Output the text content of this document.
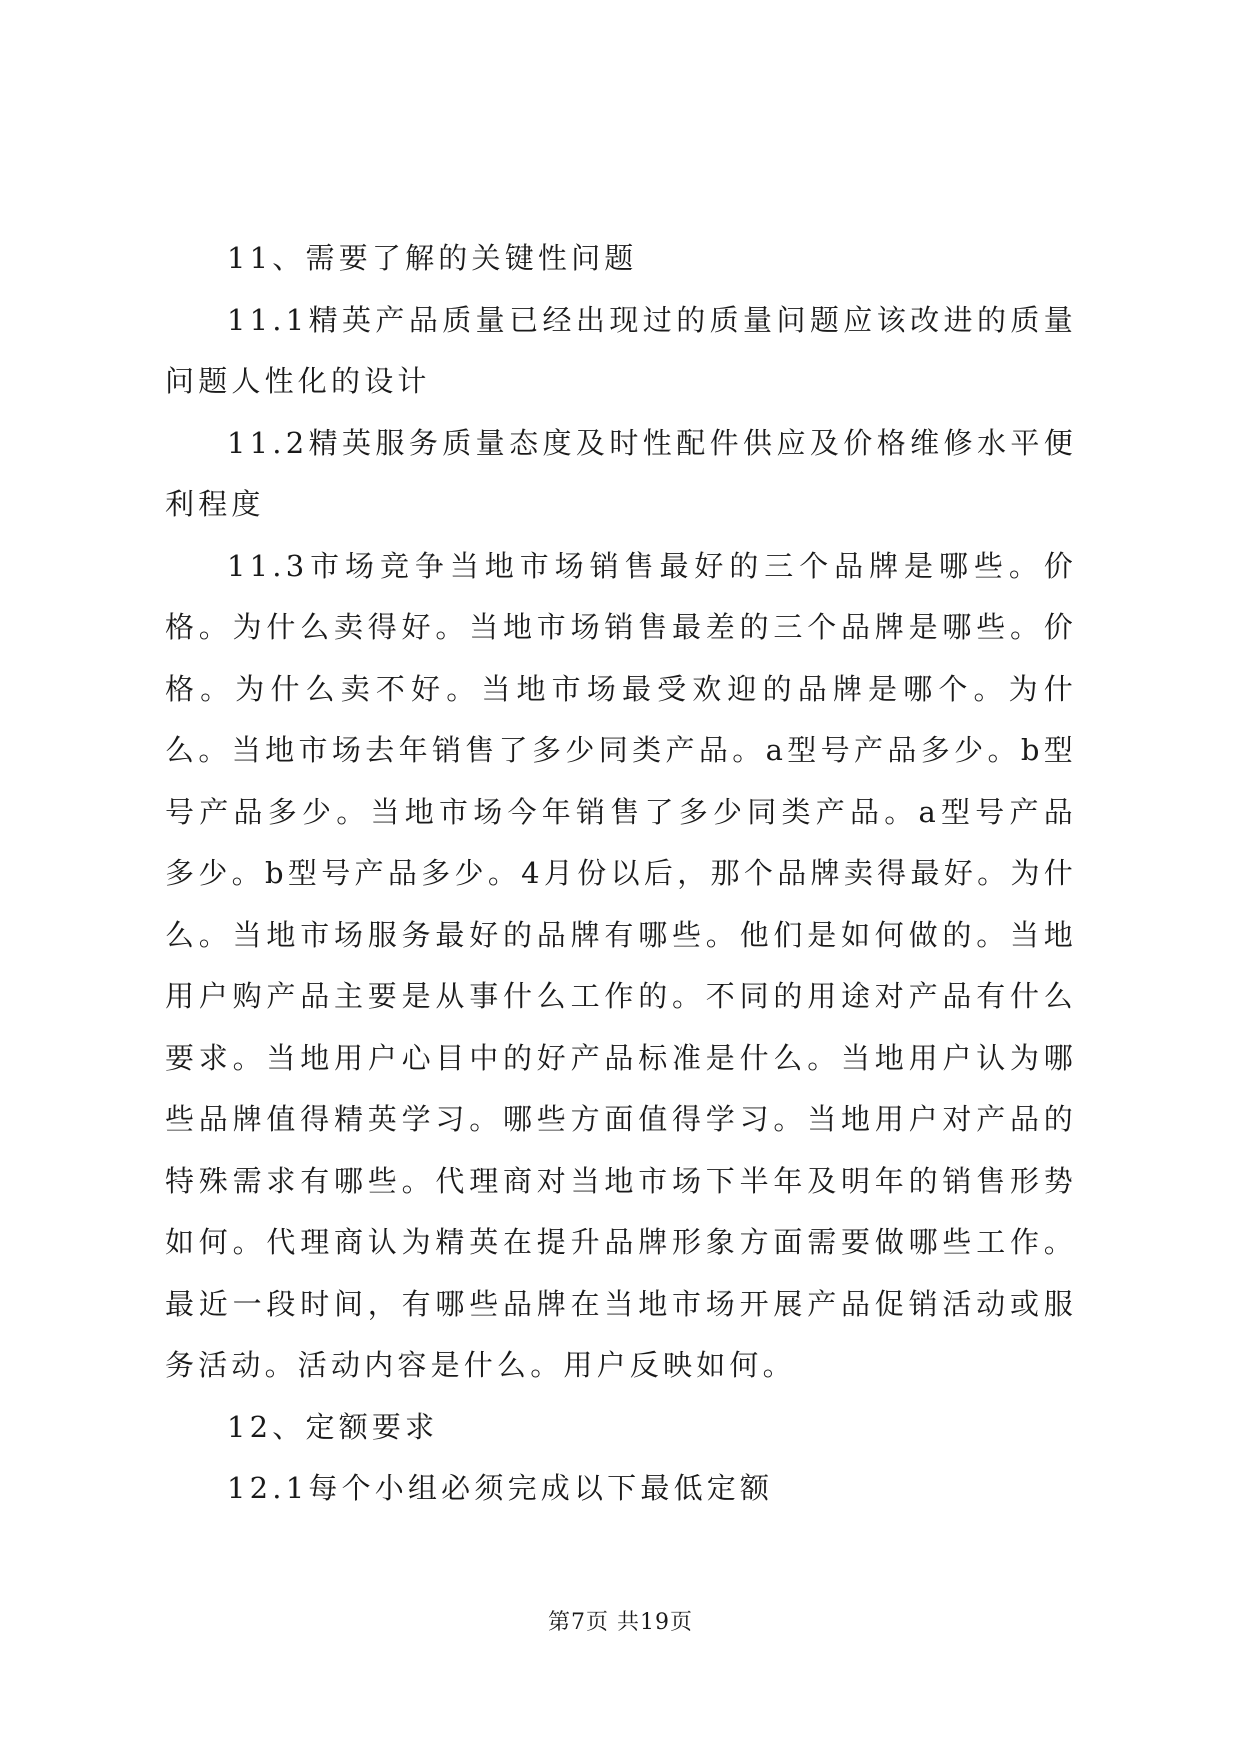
11、需要了解的关键性问题

11.1精英产品质量已经出现过的质量问题应该改进的质量问题人性化的设计

11.2精英服务质量态度及时性配件供应及价格维修水平便利程度

11.3市场竞争当地市场销售最好的三个品牌是哪些。价格。为什么卖得好。当地市场销售最差的三个品牌是哪些。价格。为什么卖不好。当地市场最受欢迎的品牌是哪个。为什么。当地市场去年销售了多少同类产品。a型号产品多少。b型号产品多少。当地市场今年销售了多少同类产品。a型号产品多少。b型号产品多少。4月份以后，那个品牌卖得最好。为什么。当地市场服务最好的品牌有哪些。他们是如何做的。当地用户购产品主要是从事什么工作的。不同的用途对产品有什么要求。当地用户心目中的好产品标准是什么。当地用户认为哪些品牌值得精英学习。哪些方面值得学习。当地用户对产品的特殊需求有哪些。代理商对当地市场下半年及明年的销售形势如何。代理商认为精英在提升品牌形象方面需要做哪些工作。最近一段时间，有哪些品牌在当地市场开展产品促销活动或服务活动。活动内容是什么。用户反映如何。

12、定额要求

12.1每个小组必须完成以下最低定额

第7页 共19页
